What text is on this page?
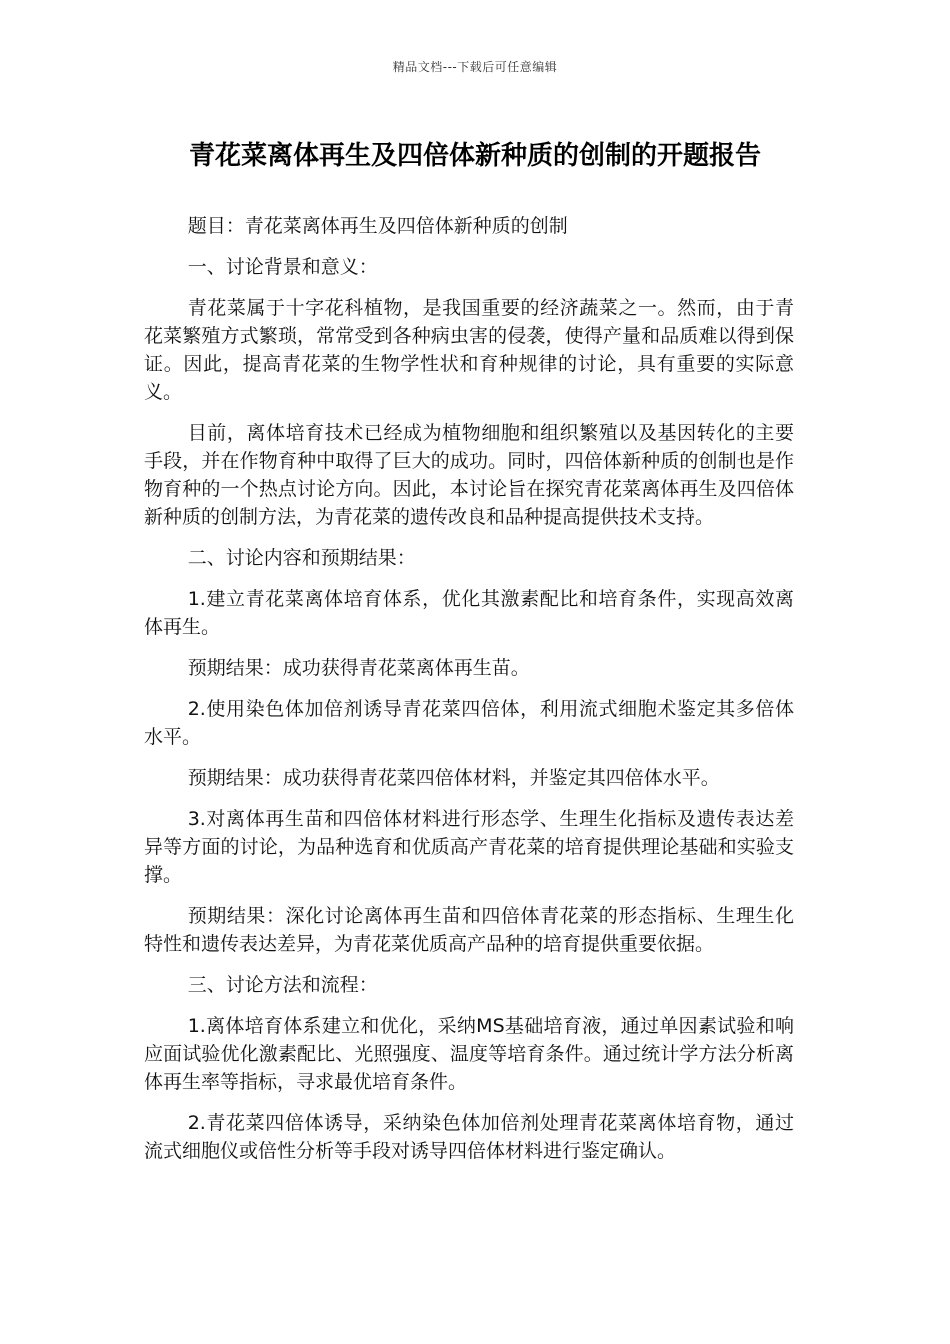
精品文档---下载后可任意编辑
青花菜离体再生及四倍体新种质的创制的开题报告

题目：青花菜离体再生及四倍体新种质的创制

一、讨论背景和意义：

青花菜属于十字花科植物，是我国重要的经济蔬菜之一。然而，由于青花菜繁殖方式繁琐，常常受到各种病虫害的侵袭，使得产量和品质难以得到保证。因此，提高青花菜的生物学性状和育种规律的讨论，具有重要的实际意义。

目前，离体培育技术已经成为植物细胞和组织繁殖以及基因转化的主要手段，并在作物育种中取得了巨大的成功。同时，四倍体新种质的创制也是作物育种的一个热点讨论方向。因此，本讨论旨在探究青花菜离体再生及四倍体新种质的创制方法，为青花菜的遗传改良和品种提高提供技术支持。

二、讨论内容和预期结果：

1.建立青花菜离体培育体系，优化其激素配比和培育条件，实现高效离体再生。

预期结果：成功获得青花菜离体再生苗。

2.使用染色体加倍剂诱导青花菜四倍体，利用流式细胞术鉴定其多倍体水平。

预期结果：成功获得青花菜四倍体材料，并鉴定其四倍体水平。

3.对离体再生苗和四倍体材料进行形态学、生理生化指标及遗传表达差异等方面的讨论，为品种选育和优质高产青花菜的培育提供理论基础和实验支撑。

预期结果：深化讨论离体再生苗和四倍体青花菜的形态指标、生理生化特性和遗传表达差异，为青花菜优质高产品种的培育提供重要依据。

三、讨论方法和流程：

1.离体培育体系建立和优化，采纳MS基础培育液，通过单因素试验和响应面试验优化激素配比、光照强度、温度等培育条件。通过统计学方法分析离体再生率等指标，寻求最优培育条件。

2.青花菜四倍体诱导，采纳染色体加倍剂处理青花菜离体培育物，通过流式细胞仪或倍性分析等手段对诱导四倍体材料进行鉴定确认。
